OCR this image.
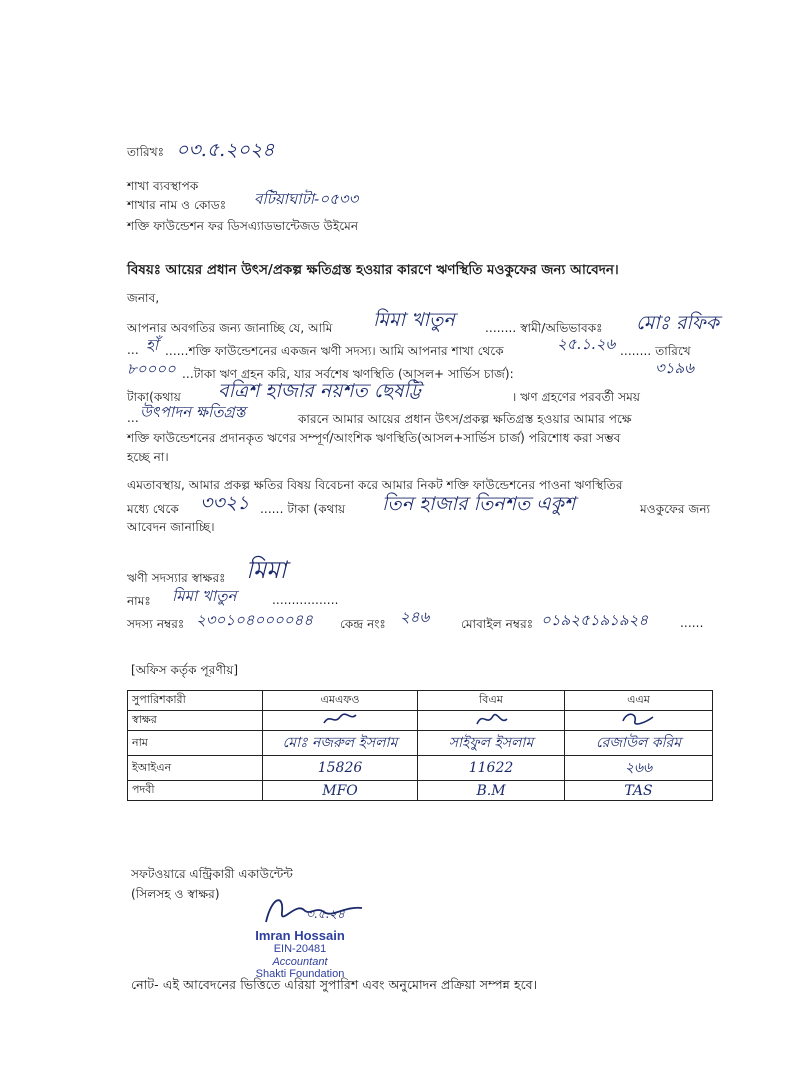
তারিখঃ ০৩.৫.২০২৪
শাখা ব্যবস্থাপক
শাখার নাম ও কোডঃ বটিয়াঘাটা-০৫৩৩
শক্তি ফাউন্ডেশন ফর ডিসএ্যাডভান্টেজড উইমেন
বিষয়ঃ আয়ের প্রধান উৎস/প্রকল্প ক্ষতিগ্রস্ত হওয়ার কারণে ঋণস্থিতি মওকুফের জন্য আবেদন।
জনাব,
আপনার অবগতির জন্য জানাচ্ছি যে, আমি মিমা খাতুন	........ স্বামী/অভিভাবকঃ মোঃ রফিক
... হাঁ ......শক্তি ফাউন্ডেশনের একজন ঋণী সদস্য। আমি আপনার শাখা থেকে	২৫.১.২৬ ........ তারিখে
৮০০০০ ...টাকা ঋণ গ্রহন করি, যার সর্বশেষ ঋণস্থিতি (আসল+ সার্ভিস চার্জ):	৩১৯৬
টাকা(কথায় বত্রিশ হাজার নয়শত ছেষট্টি	। ঋণ গ্রহণের পরবর্তী সময়
... উৎপাদন ক্ষতিগ্রস্ত	কারনে আমার আয়ের প্রধান উৎস/প্রকল্প ক্ষতিগ্রস্ত হওয়ার আমার পক্ষে
শক্তি ফাউন্ডেশনের প্রদানকৃত ঋণের সম্পূর্ণ/আংশিক ঋণস্থিতি(আসল+সার্ভিস চার্জ) পরিশোধ করা সম্ভব
হচ্ছে না।
এমতাবস্থায়, আমার প্রকল্প ক্ষতির বিষয় বিবেচনা করে আমার নিকট শক্তি ফাউন্ডেশনের পাওনা ঋণস্থিতির
মধ্যে থেকে ৩৩২১ ...... টাকা (কথায় তিন হাজার তিনশত একুশ	মওকুফের জন্য
আবেদন জানাচ্ছি।
ঋণী সদস্যার স্বাক্ষরঃ মিমা
নামঃ মিমা খাতুন	.................
সদস্য নম্বরঃ ২৩০১০৪০০০০৪৪ কেন্দ্র নংঃ ২৪৬	মোবাইল নম্বরঃ ০১৯২৫১৯১৯২৪	......
[অফিস কর্তৃক পূরণীয়]
সুপারিশকারী	এমএফও	বিএম	এএম
স্বাক্ষর			
নাম	মোঃ নজরুল ইসলাম	সাইফুল ইসলাম	রেজাউল করিম
ইআইএন	15826	11622	২৬৬
পদবী	MFO	B.M	TAS
সফটওয়ারে এন্ট্রিকারী একাউন্টেন্ট
(সিলসহ ও স্বাক্ষর)
৩.৫.২৪
Imran Hossain
EIN-20481
Accountant
Shakti Foundation
নোট- এই আবেদনের ভিত্তিতে এরিয়া সুপারিশ এবং অনুমোদন প্রক্রিয়া সম্পন্ন হবে।
